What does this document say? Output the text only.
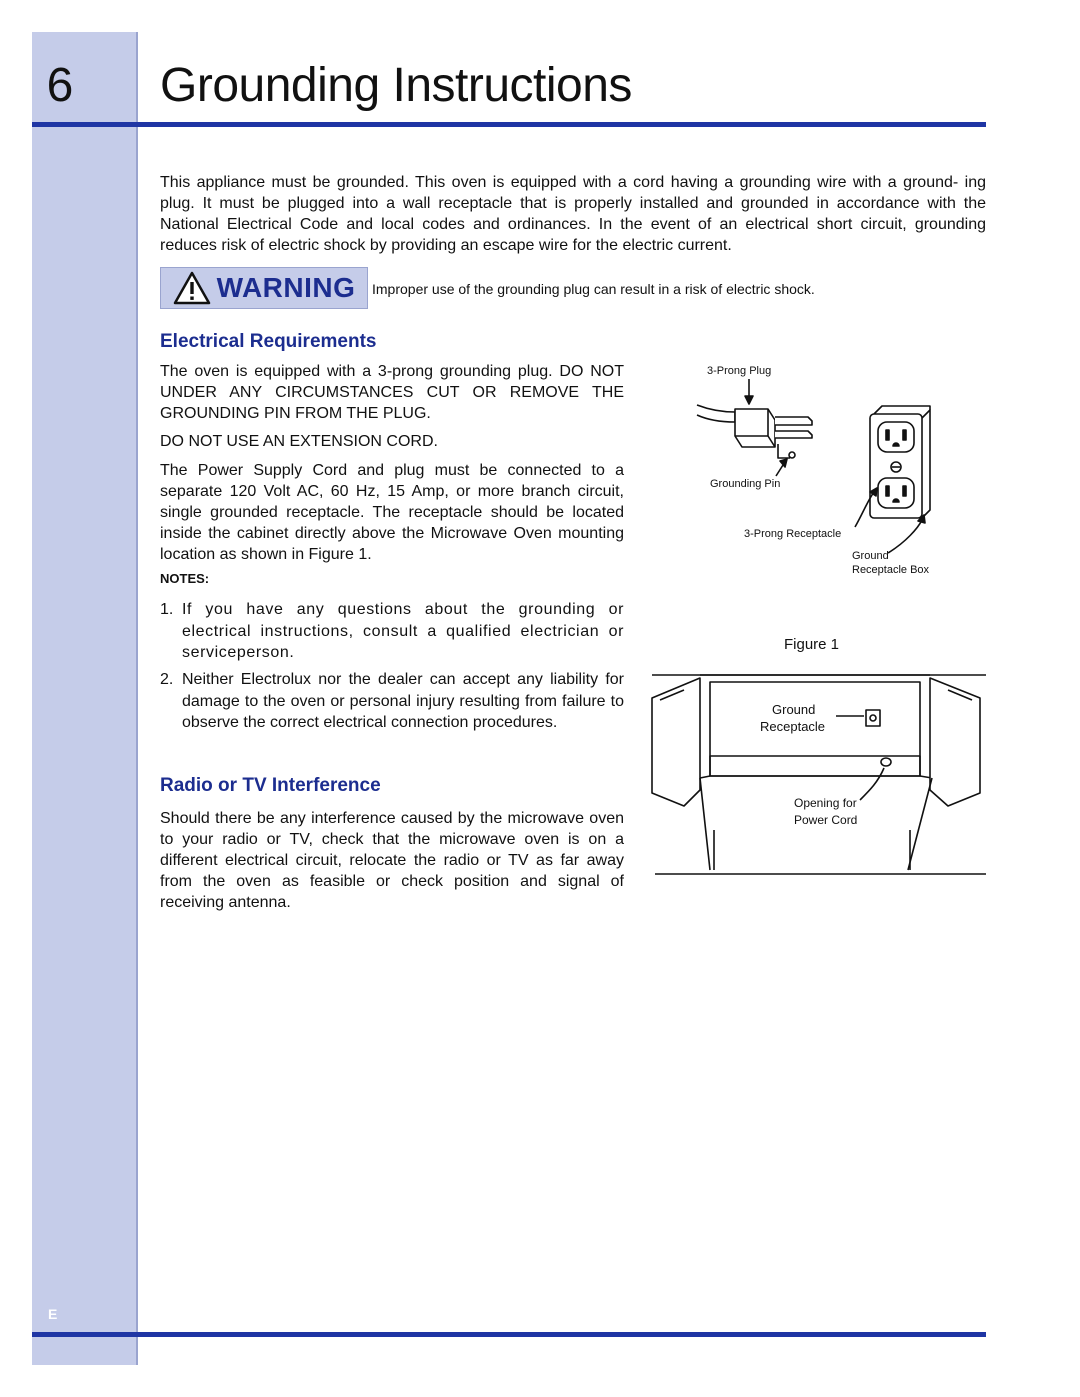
6	Grounding Instructions

This appliance must be grounded. This oven is equipped with a cord having a grounding wire with a ground- ing plug. It must be plugged into a wall receptacle that is properly installed and grounded in accordance with the National Electrical Code and local codes and ordinances. In the event of an electrical short circuit, grounding reduces risk of electric shock by providing an escape wire for the electric current.

WARNING Improper use of the grounding plug can result in a risk of electric shock.

Electrical Requirements

The oven is equipped with a 3-prong grounding plug. DO NOT UNDER ANY CIRCUMSTANCES CUT OR REMOVE THE GROUNDING PIN FROM THE PLUG.

DO NOT USE AN EXTENSION CORD.

The Power Supply Cord and plug must be connected to a separate 120 Volt AC, 60 Hz, 15 Amp, or more branch circuit, single grounded receptacle. The receptacle should be located inside the cabinet directly above the Microwave Oven mounting location as shown in Figure 1.

NOTES:

1. If you have any questions about the grounding or electrical instructions, consult a qualified electrician or serviceperson.
2. Neither Electrolux nor the dealer can accept any liability for damage to the oven or personal injury resulting from failure to observe the correct electrical connection procedures.
Radio or TV Interference

Should there be any interference caused by the microwave oven to your radio or TV, check that the microwave oven is on a different electrical circuit, relocate the radio or TV as far away from the oven as feasible or check position and signal of receiving antenna.

3-Prong Plug
Grounding Pin
3-Prong Receptacle
Ground
Receptacle Box

Figure 1

Ground
Receptacle
Opening for
Power Cord
E
